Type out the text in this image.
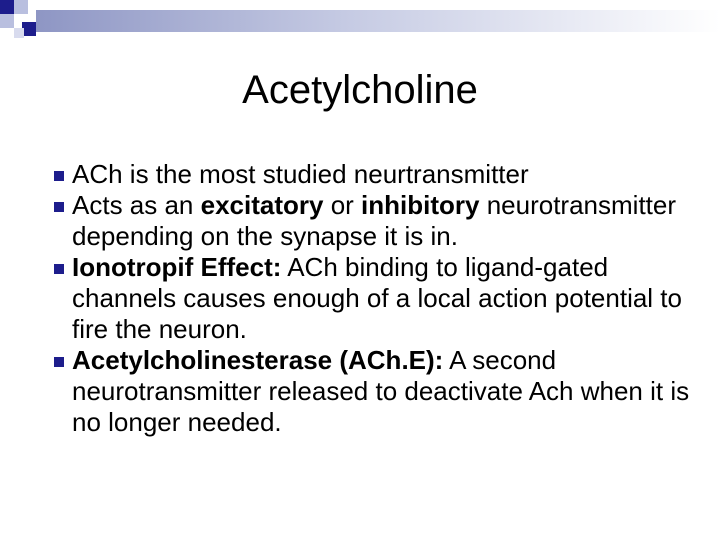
Acetylcholine
ACh is the most studied neurtransmitter
Acts as an excitatory or inhibitory neurotransmitter depending on the synapse it is in.
Ionotropif Effect: ACh binding to ligand-gated channels causes enough of a local action potential to fire the neuron.
Acetylcholinesterase (ACh.E): A second neurotransmitter released to deactivate Ach when it is no longer needed.
